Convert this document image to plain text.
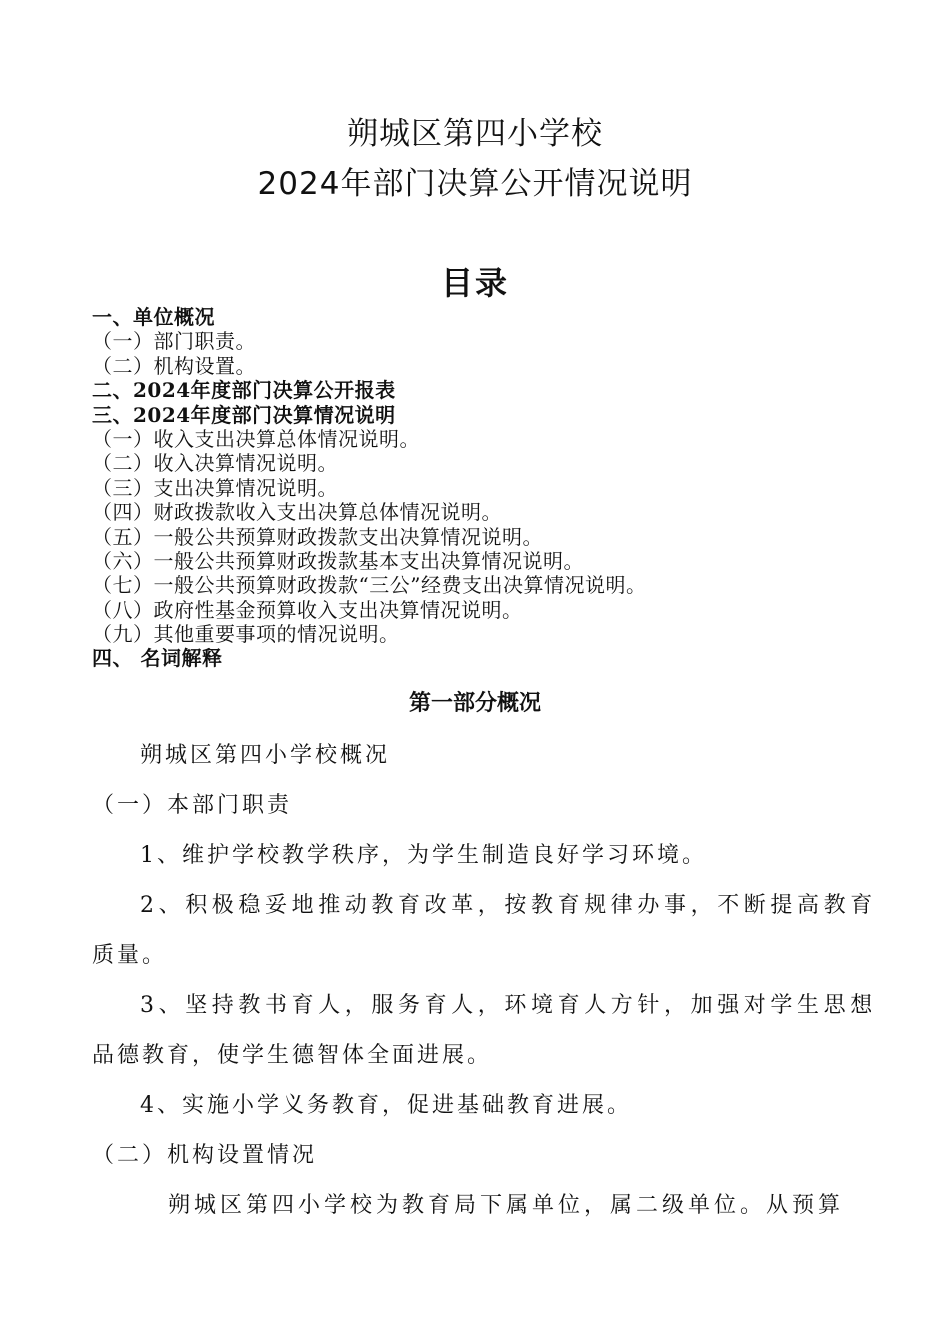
朔城区第四小学校
2024年部门决算公开情况说明
目录
一、单位概况
（一）部门职责。
（二）机构设置。
二、2024年度部门决算公开报表
三、2024年度部门决算情况说明
（一）收入支出决算总体情况说明。
（二）收入决算情况说明。
（三）支出决算情况说明。
（四）财政拨款收入支出决算总体情况说明。
（五）一般公共预算财政拨款支出决算情况说明。
（六）一般公共预算财政拨款基本支出决算情况说明。
（七）一般公共预算财政拨款“三公”经费支出决算情况说明。
（八）政府性基金预算收入支出决算情况说明。
（九）其他重要事项的情况说明。
四、 名词解释
第一部分概况
朔城区第四小学校概况
（一）本部门职责
1、维护学校教学秩序，为学生制造良好学习环境。
2、积极稳妥地推动教育改革，按教育规律办事，不断提高教育
质量。
3、坚持教书育人，服务育人，环境育人方针，加强对学生思想
品德教育，使学生德智体全面进展。
4、实施小学义务教育，促进基础教育进展。
（二）机构设置情况
朔城区第四小学校为教育局下属单位，属二级单位。从预算
